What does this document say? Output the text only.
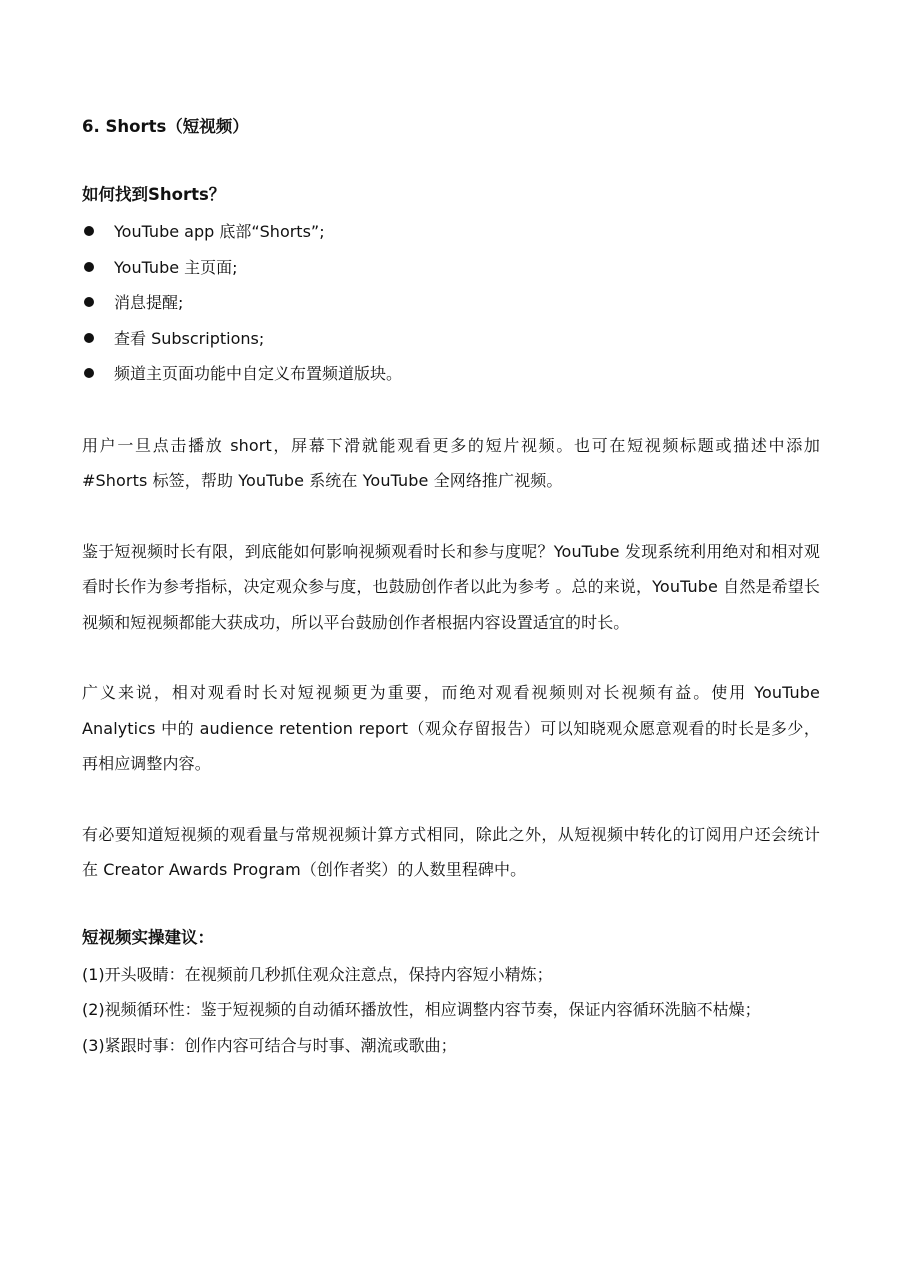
6. Shorts（短视频）
如何找到Shorts？
YouTube app 底部“Shorts”;
YouTube 主页面;
消息提醒;
查看 Subscriptions;
频道主页面功能中自定义布置频道版块。

用户一旦点击播放 short，屏幕下滑就能观看更多的短片视频。也可在短视频标题或描述中添加#Shorts 标签，帮助 YouTube 系统在 YouTube 全网络推广视频。

鉴于短视频时长有限，到底能如何影响视频观看时长和参与度呢？YouTube 发现系统利用绝对和相对观看时长作为参考指标，决定观众参与度，也鼓励创作者以此为参考 。总的来说，YouTube 自然是希望长视频和短视频都能大获成功，所以平台鼓励创作者根据内容设置适宜的时长。

广义来说，相对观看时长对短视频更为重要，而绝对观看视频则对长视频有益。使用 YouTube Analytics 中的 audience retention report（观众存留报告）可以知晓观众愿意观看的时长是多少，再相应调整内容。

有必要知道短视频的观看量与常规视频计算方式相同，除此之外，从短视频中转化的订阅用户还会统计在 Creator Awards Program（创作者奖）的人数里程碑中。

短视频实操建议：
(1)开头吸睛：在视频前几秒抓住观众注意点，保持内容短小精炼；
(2)视频循环性：鉴于短视频的自动循环播放性，相应调整内容节奏，保证内容循环洗脑不枯燥；
(3)紧跟时事：创作内容可结合与时事、潮流或歌曲；
